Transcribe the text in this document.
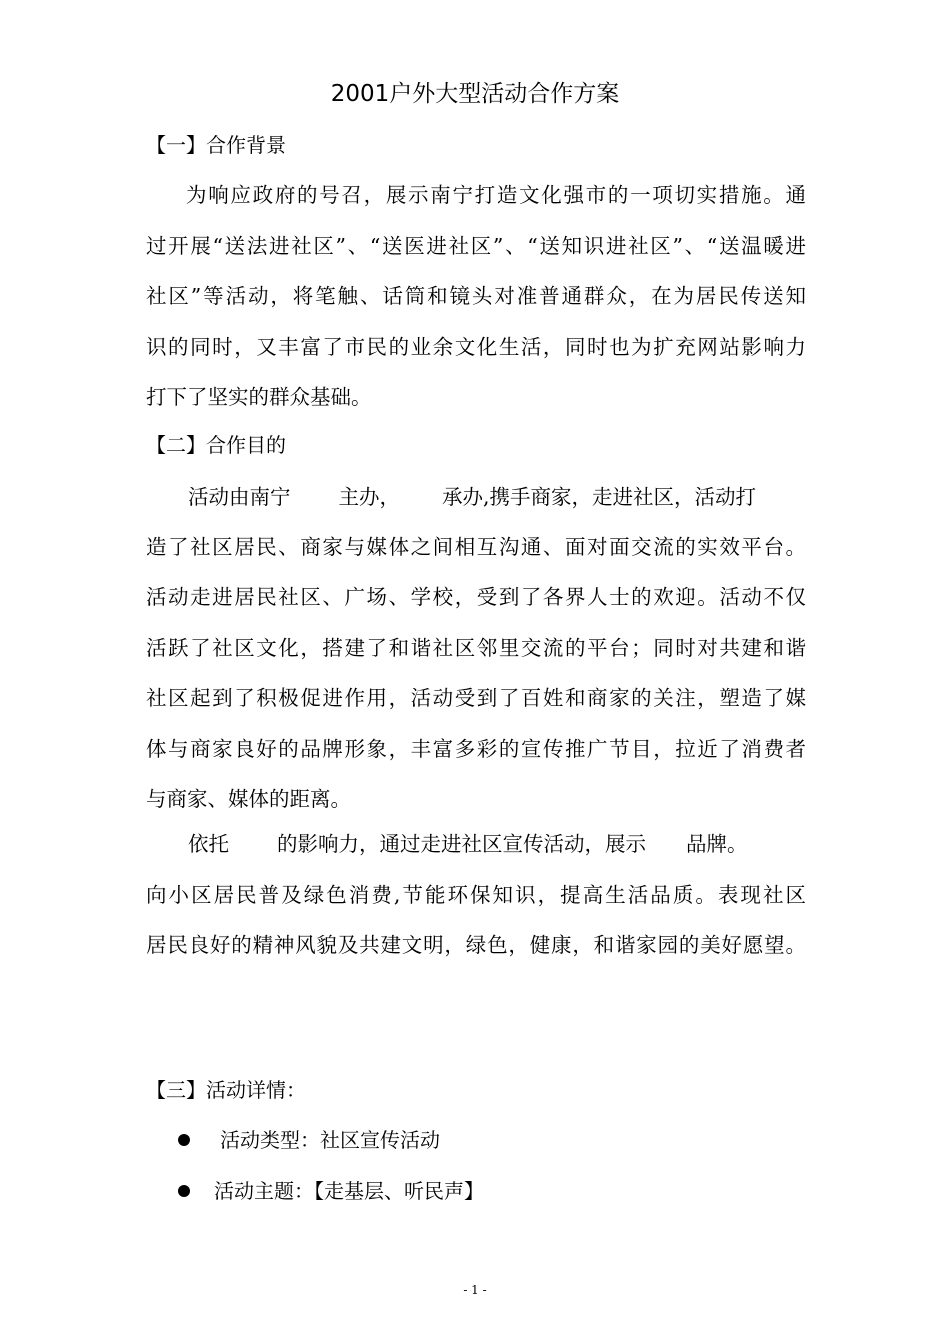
2001户外大型活动合作方案
【一】合作背景
为响应政府的号召，展示南宁打造文化强市的一项切实措施。通
过开展“送法进社区”、“送医进社区”、“送知识进社区”、“送温暖进
社区”等活动，将笔触、话筒和镜头对准普通群众，在为居民传送知
识的同时，又丰富了市民的业余文化生活，同时也为扩充网站影响力
打下了坚实的群众基础。
【二】合作目的
活动由南宁 主办， 承办,携手商家，走进社区，活动打
造了社区居民、商家与媒体之间相互沟通、面对面交流的实效平台。
活动走进居民社区、广场、学校，受到了各界人士的欢迎。活动不仅
活跃了社区文化，搭建了和谐社区邻里交流的平台；同时对共建和谐
社区起到了积极促进作用，活动受到了百姓和商家的关注，塑造了媒
体与商家良好的品牌形象，丰富多彩的宣传推广节目，拉近了消费者
与商家、媒体的距离。
依托 的影响力，通过走进社区宣传活动，展示 品牌。
向小区居民普及绿色消费,节能环保知识，提高生活品质。表现社区
居民良好的精神风貌及共建文明，绿色，健康，和谐家园的美好愿望。
【三】活动详情：
活动类型：社区宣传活动
活动主题：【走基层、听民声】
- 1 -
